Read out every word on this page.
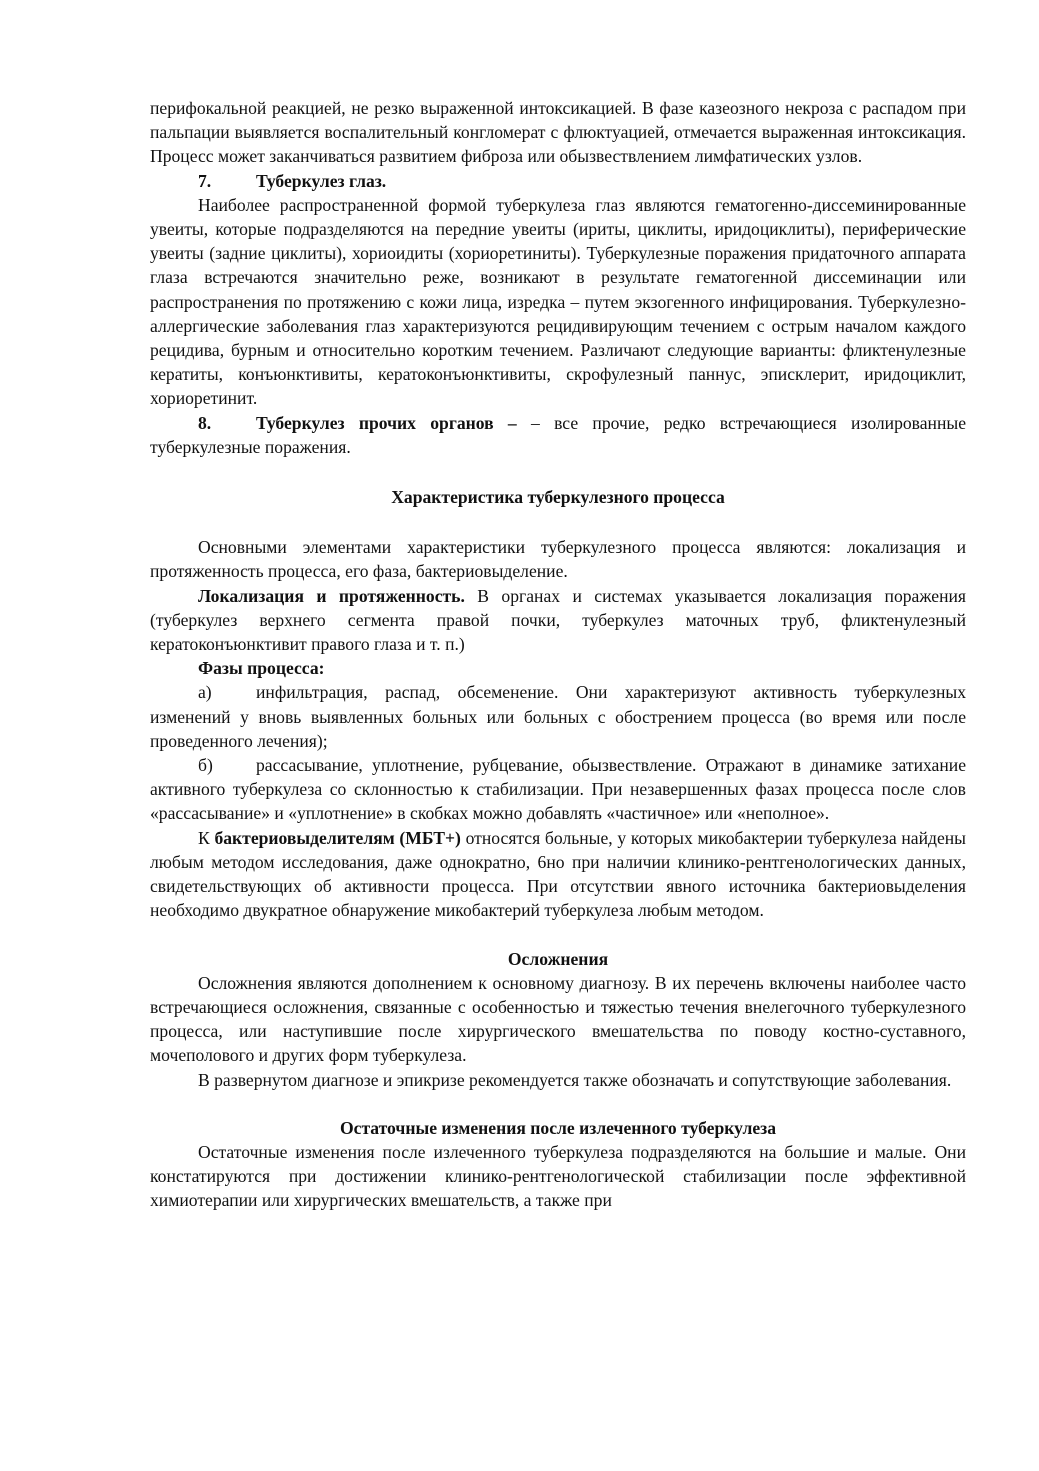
перифокальной реакцией, не резко выраженной интоксикацией. В фазе казеозного некроза с распадом при пальпации выявляется воспалительный конгломерат с флюктуацией, отмечается выраженная интоксикация. Процесс может заканчиваться развитием фиброза или обызвествлением лимфатических узлов.

7.	Туберкулез глаз.

Наиболее распространенной формой туберкулеза глаз являются гематогенно-диссеминированные увеиты, которые подразделяются на передние увеиты (ириты, циклиты, иридоциклиты), периферические увеиты (задние циклиты), хориоидиты (хориоретиниты). Туберкулезные поражения придаточного аппарата глаза встречаются значительно реже, возникают в результате гематогенной диссеминации или распространения по протяжению с кожи лица, изредка – путем экзогенного инфицирования. Туберкулезно-аллергические заболевания глаз характеризуются рецидивирующим течением с острым началом каждого рецидива, бурным и относительно коротким течением. Различают следующие варианты: фликтенулезные кератиты, конъюнктивиты, кератоконъюнктивиты, скрофулезный паннус, эписклерит, иридоциклит, хориоретинит.

8.	Туберкулез прочих органов – – все прочие, редко встречающиеся изолированные туберкулезные поражения.

Характеристика туберкулезного процесса

Основными элементами характеристики туберкулезного процесса являются: локализация и протяженность процесса, его фаза, бактериовыделение.

Локализация и протяженность. В органах и системах указывается локализация поражения (туберкулез верхнего сегмента правой почки, туберкулез маточных труб, фликтенулезный кератоконъюнктивит правого глаза и т. п.)

Фазы процесса:

а)	инфильтрация, распад, обсеменение. Они характеризуют активность туберкулезных изменений у вновь выявленных больных или больных с обострением процесса (во время или после проведенного лечения);

б) рассасывание, уплотнение, рубцевание, обызвествление. Отражают в динамике затихание активного туберкулеза со склонностью к стабилизации. При незавершенных фазах процесса после слов «рассасывание» и «уплотнение» в скобках можно добавлять «частичное» или «неполное».

К бактериовыделителям (МБТ+) относятся больные, у которых микобактерии туберкулеза найдены любым методом исследования, даже однократно, 6но при наличии клинико-рентгенологических данных, свидетельствующих об активности процесса. При отсутствии явного источника бактериовыделения необходимо двукратное обнаружение микобактерий туберкулеза любым методом.

Осложнения

Осложнения являются дополнением к основному диагнозу. В их перечень включены наиболее часто встречающиеся осложнения, связанные с особенностью и тяжестью течения внелегочного туберкулезного процесса, или наступившие после хирургического вмешательства по поводу костно-суставного, мочеполового и других форм туберкулеза.

В развернутом диагнозе и эпикризе рекомендуется также обозначать и сопутствующие заболевания.

Остаточные изменения после излеченного туберкулеза

Остаточные изменения после излеченного туберкулеза подразделяются на большие и малые. Они констатируются при достижении клинико-рентгенологической стабилизации после эффективной химиотерапии или хирургических вмешательств, а также при
